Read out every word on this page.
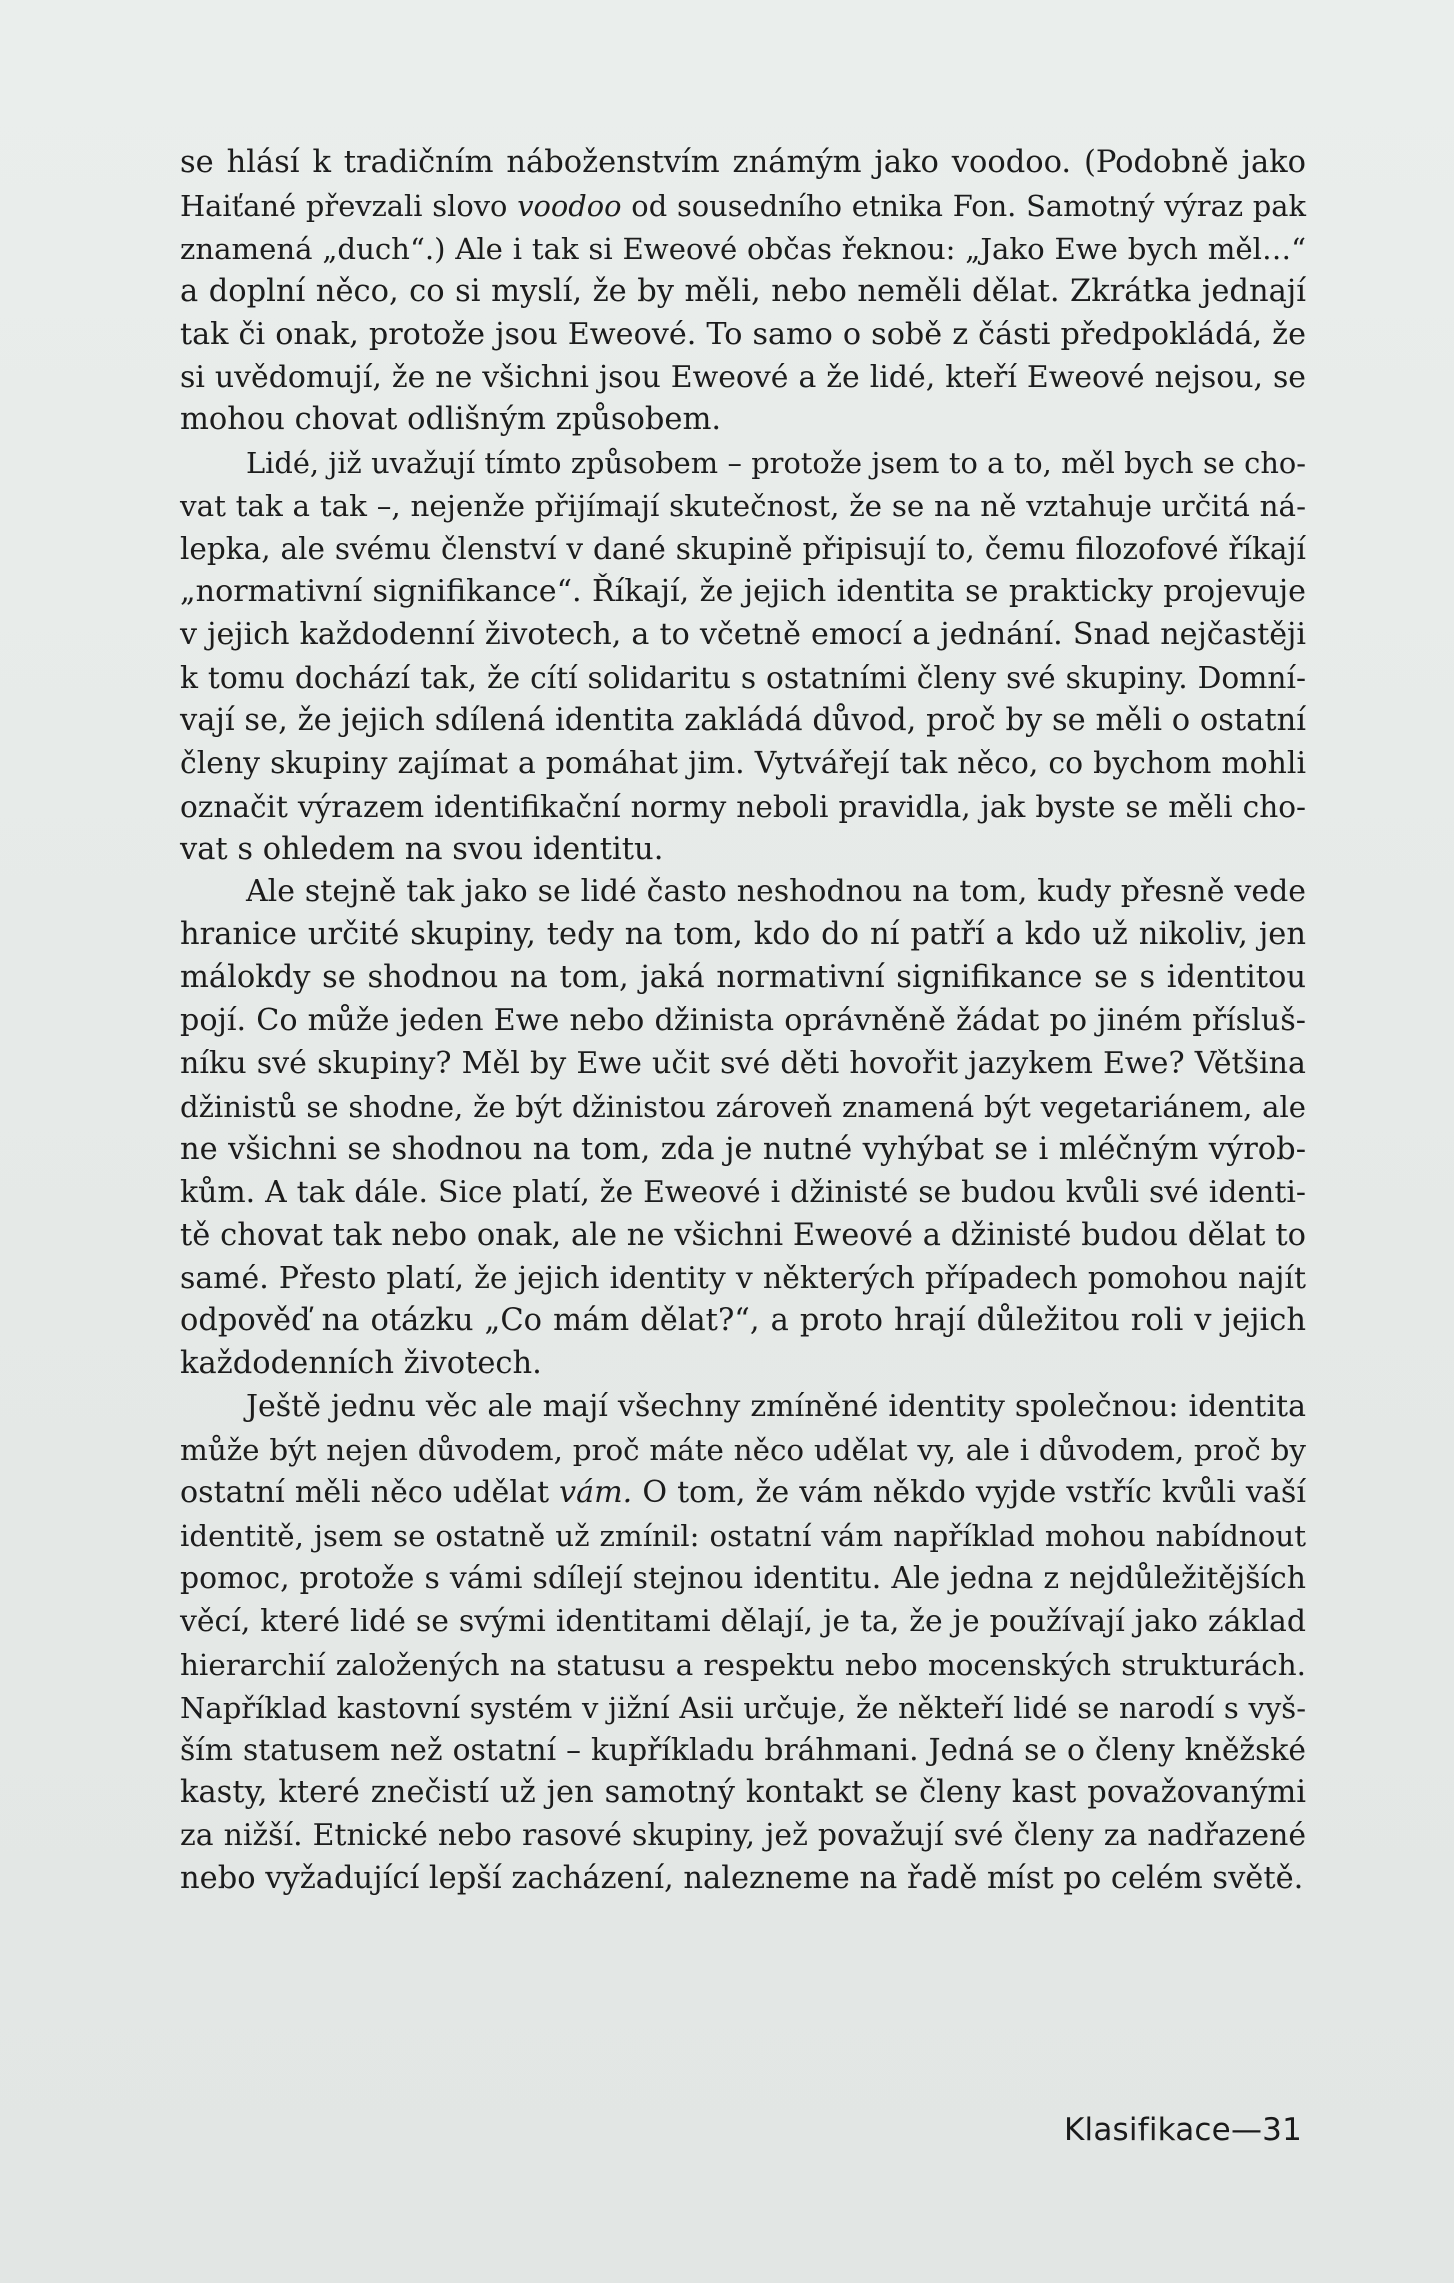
se hlásí k tradičním náboženstvím známým jako voodoo. (Podobně jako

Haiťané převzali slovo voodoo od sousedního etnika Fon. Samotný výraz pak

znamená „duch“.) Ale i tak si Eweové občas řeknou: „Jako Ewe bych měl…“

a doplní něco, co si myslí, že by měli, nebo neměli dělat. Zkrátka jednají

tak či onak, protože jsou Eweové. To samo o sobě z části předpokládá, že

si uvědomují, že ne všichni jsou Eweové a že lidé, kteří Eweové nejsou, se

mohou chovat odlišným způsobem.

Lidé, již uvažují tímto způsobem – protože jsem to a to, měl bych se cho-

vat tak a tak –, nejenže přijímají skutečnost, že se na ně vztahuje určitá ná-

lepka, ale svému členství v dané skupině připisují to, čemu filozofové říkají

„normativní signifikance“. Říkají, že jejich identita se prakticky projevuje

v jejich každodenní životech, a to včetně emocí a jednání. Snad nejčastěji

k tomu dochází tak, že cítí solidaritu s ostatními členy své skupiny. Domní-

vají se, že jejich sdílená identita zakládá důvod, proč by se měli o ostatní

členy skupiny zajímat a pomáhat jim. Vytvářejí tak něco, co bychom mohli

označit výrazem identifikační normy neboli pravidla, jak byste se měli cho-

vat s ohledem na svou identitu.

Ale stejně tak jako se lidé často neshodnou na tom, kudy přesně vede

hranice určité skupiny, tedy na tom, kdo do ní patří a kdo už nikoliv, jen

málokdy se shodnou na tom, jaká normativní signifikance se s identitou

pojí. Co může jeden Ewe nebo džinista oprávněně žádat po jiném přísluš-

níku své skupiny? Měl by Ewe učit své děti hovořit jazykem Ewe? Většina

džinistů se shodne, že být džinistou zároveň znamená být vegetariánem, ale

ne všichni se shodnou na tom, zda je nutné vyhýbat se i mléčným výrob-

kům. A tak dále. Sice platí, že Eweové i džinisté se budou kvůli své identi-

tě chovat tak nebo onak, ale ne všichni Eweové a džinisté budou dělat to

samé. Přesto platí, že jejich identity v některých případech pomohou najít

odpověď na otázku „Co mám dělat?“, a proto hrají důležitou roli v jejich

každodenních životech.

Ještě jednu věc ale mají všechny zmíněné identity společnou: identita

může být nejen důvodem, proč máte něco udělat vy, ale i důvodem, proč by

ostatní měli něco udělat vám. O tom, že vám někdo vyjde vstříc kvůli vaší

identitě, jsem se ostatně už zmínil: ostatní vám například mohou nabídnout

pomoc, protože s vámi sdílejí stejnou identitu. Ale jedna z nejdůležitějších

věcí, které lidé se svými identitami dělají, je ta, že je používají jako základ

hierarchií založených na statusu a respektu nebo mocenských strukturách.

Například kastovní systém v jižní Asii určuje, že někteří lidé se narodí s vyš-

ším statusem než ostatní – kupříkladu bráhmani. Jedná se o členy kněžské

kasty, které znečistí už jen samotný kontakt se členy kast považovanými

za nižší. Etnické nebo rasové skupiny, jež považují své členy za nadřazené

nebo vyžadující lepší zacházení, nalezneme na řadě míst po celém světě.

Klasifikace—31
